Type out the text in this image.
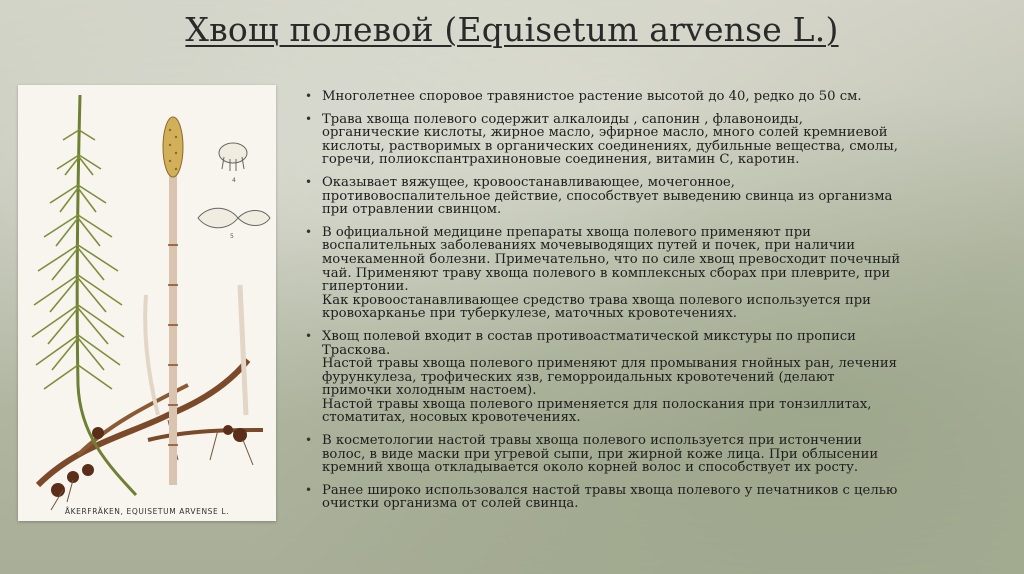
Хвощ полевой (Equisetum arvense L.)
ÅKERFRÄKEN, EQUISETUM ARVENSE L.
4
5
• Многолетнее споровое травянистое растение высотой до 40, редко до 50 см.
• Трава хвоща полевого содержит алкалоиды , сапонин , флавоноиды,
органические кислоты, жирное масло, эфирное масло, много солей кремниевой
кислоты, растворимых в органических соединениях, дубильные вещества, смолы,
горечи, полиокспантрахиноновые соединения, витамин С, каротин.
• Оказывает вяжущее, кровоостанавливающее, мочегонное,
противовоспалительное действие, способствует выведению свинца из организма
при отравлении свинцом.
• В официальной медицине препараты хвоща полевого применяют при
воспалительных заболеваниях мочевыводящих путей и почек, при наличии
мочекаменной болезни. Примечательно, что по силе хвощ превосходит почечный
чай. Применяют траву хвоща полевого в комплексных сборах при плеврите, при
гипертонии.
Как кровоостанавливающее средство трава хвоща полевого используется при
кровохарканье при туберкулезе, маточных кровотечениях.
• Хвощ полевой входит в состав противоастматической микстуры по прописи
Траскова.
Настой травы хвоща полевого применяют для промывания гнойных ран, лечения
фурункулеза, трофических язв, геморроидальных кровотечений (делают
примочки холодным настоем).
Настой травы хвоща полевого применяется для полоскания при тонзиллитах,
стоматитах, носовых кровотечениях.
• В косметологии настой травы хвоща полевого используется при истончении
волос, в виде маски при угревой сыпи, при жирной коже лица. При облысении
кремний хвоща откладывается около корней волос и способствует их росту.
• Ранее широко использовался настой травы хвоща полевого у печатников с целью
очистки организма от солей свинца.
